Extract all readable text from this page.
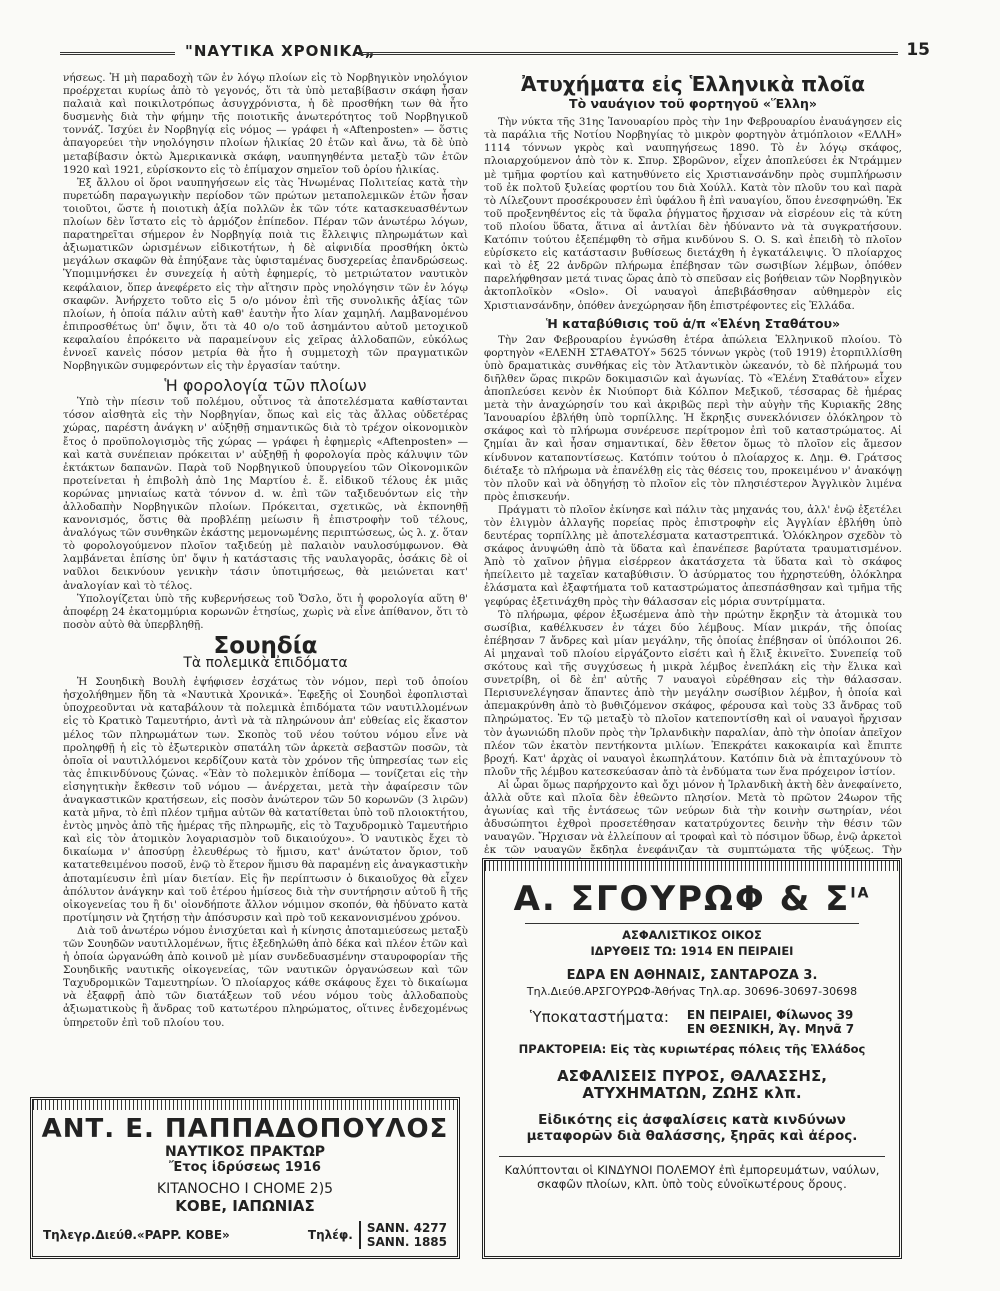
"ΝΑΥΤΙΚΑ ΧΡΟΝΙΚΑ„	15

νήσεως. Ἡ μὴ παραδοχὴ τῶν ἐν λόγῳ πλοίων εἰς τὸ Νορβηγικὸν νηολόγιον προέρχεται κυρίως ἀπὸ τὸ γεγονός, ὅτι τὰ ὑπὸ μεταβίβασιν σκάφη ἦσαν παλαιὰ καὶ ποικιλοτρόπως ἀσυγχρόνιστα, ἡ δὲ προσθήκη των θὰ ἦτο δυσμενὴς διὰ τὴν φήμην τῆς ποιοτικῆς ἀνωτερότητος τοῦ Νορβηγικοῦ τοννάζ. Ἰσχύει ἐν Νορβηγίᾳ εἰς νόμος — γράφει ἡ «Aftenposten» — ὅστις ἀπαγορεύει τὴν νηολόγησιν πλοίων ἡλικίας 20 ἐτῶν καὶ ἄνω, τὰ δὲ ὑπὸ μεταβίβασιν ὀκτὼ Ἀμερικανικὰ σκάφη, ναυπηγηθέντα μεταξὺ τῶν ἐτῶν 1920 καὶ 1921, εὑρίσκοντο εἰς τὸ ἐπίμαχον σημεῖον τοῦ ὁρίου ἡλικίας.

Ἐξ ἄλλου οἱ ὅροι ναυπηγήσεων εἰς τὰς Ἡνωμένας Πολιτείας κατὰ τὴν πυρετώδη παραγωγικὴν περίοδον τῶν πρώτων μεταπολεμικῶν ἐτῶν ἦσαν τοιοῦτοι, ὥστε ἡ ποιοτικὴ ἀξία πολλῶν ἐκ τῶν τότε κατασκευασθέντων πλοίων δὲν ἵστατο εἰς τὸ ἁρμόζον ἐπίπεδον. Πέραν τῶν ἀνωτέρω λόγων, παρατηρεῖται σήμερον ἐν Νορβηγίᾳ ποιὰ τις ἔλλειψις πληρωμάτων καὶ ἀξιωματικῶν ὡρισμένων εἰδικοτήτων, ἡ δὲ αἰφνιδία προσθήκη ὀκτὼ μεγάλων σκαφῶν θὰ ἐπηύξανε τὰς ὑφισταμένας δυσχερείας ἐπανδρώσεως. Ὑπομιμνήσκει ἐν συνεχείᾳ ἡ αὐτὴ ἐφημερίς, τὸ μετριώτατον ναυτικὸν κεφάλαιον, ὅπερ ἀνεφέρετο εἰς τὴν αἴτησιν πρὸς νηολόγησιν τῶν ἐν λόγῳ σκαφῶν. Ἀνήρχετο τοῦτο εἰς 5 ο/ο μόνον ἐπὶ τῆς συνολικῆς ἀξίας τῶν πλοίων, ἡ ὁποία πάλιν αὐτὴ καθ' ἑαυτὴν ἦτο λίαν χαμηλή. Λαμβανομένου ἐπιπροσθέτως ὑπ' ὄψιν, ὅτι τὰ 40 ο/ο τοῦ ἀσημάντου αὐτοῦ μετοχικοῦ κεφαλαίου ἐπρόκειτο νὰ παραμείνουν εἰς χεῖρας ἀλλοδαπῶν, εὐκόλως ἐννοεῖ κανεὶς πόσον μετρία θὰ ἦτο ἡ συμμετοχὴ τῶν πραγματικῶν Νορβηγικῶν συμφερόντων εἰς τὴν ἐργασίαν ταύτην.

Ἡ φορολογία τῶν πλοίων

Ὑπὸ τὴν πίεσιν τοῦ πολέμου, οὗτινος τὰ ἀποτελέσματα καθίστανται τόσον αἰσθητὰ εἰς τὴν Νορβηγίαν, ὅπως καὶ εἰς τὰς ἄλλας οὐδετέρας χώρας, παρέστη ἀνάγκη ν' αὐξηθῇ σημαντικῶς διὰ τὸ τρέχον οἰκονομικὸν ἔτος ὁ προϋπολογισμὸς τῆς χώρας — γράφει ἡ ἐφημερὶς «Aftenposten» — καὶ κατὰ συνέπειαν πρόκειται ν' αὐξηθῇ ἡ φορολογία πρὸς κάλυψιν τῶν ἐκτάκτων δαπανῶν. Παρὰ τοῦ Νορβηγικοῦ ὑπουργείου τῶν Οἰκονομικῶν προτείνεται ἡ ἐπιβολὴ ἀπὸ 1ης Μαρτίου ἐ. ἔ. εἰδικοῦ τέλους ἐκ μιᾶς κορώνας μηνιαίως κατὰ τόννον d. w. ἐπὶ τῶν ταξιδευόντων εἰς τὴν ἀλλοδαπὴν Νορβηγικῶν πλοίων. Πρόκειται, σχετικῶς, νὰ ἐκπονηθῇ κανονισμός, ὅστις θὰ προβλέπῃ μείωσιν ἢ ἐπιστροφὴν τοῦ τέλους, ἀναλόγως τῶν συνθηκῶν ἑκάστης μεμονωμένης περιπτώσεως, ὡς λ. χ. ὅταν τὸ φορολογούμενον πλοῖον ταξιδεύῃ μὲ παλαιὸν ναυλοσύμφωνον. Θὰ λαμβάνεται ἐπίσης ὑπ' ὄψιν ἡ κατάστασις τῆς ναυλαγορᾶς, ὁσάκις δὲ οἱ ναῦλοι δεικνύουν γενικὴν τάσιν ὑποτιμήσεως, θὰ μειώνεται κατ' ἀναλογίαν καὶ τὸ τέλος.

Ὑπολογίζεται ὑπὸ τῆς κυβερνήσεως τοῦ Ὄσλο, ὅτι ἡ φορολογία αὕτη θ' ἀποφέρῃ 24 ἑκατομμύρια κορωνῶν ἐτησίως, χωρὶς νὰ εἶνε ἀπίθανον, ὅτι τὸ ποσὸν αὐτὸ θὰ ὑπερβληθῇ.

Σουηδία
Τὰ πολεμικὰ ἐπιδόματα

Ἡ Σουηδικὴ Βουλὴ ἐψήφισεν ἐσχάτως τὸν νόμον, περὶ τοῦ ὁποίου ἠσχολήθημεν ἤδη τὰ «Ναυτικὰ Χρονικά». Ἐφεξῆς οἱ Σουηδοὶ ἐφοπλισταὶ ὑποχρεοῦνται νὰ καταβάλουν τὰ πολεμικὰ ἐπιδόματα τῶν ναυτιλλομένων εἰς τὸ Κρατικὸ Ταμευτήριο, ἀντὶ νὰ τὰ πληρώνουν ἀπ' εὐθείας εἰς ἕκαστον μέλος τῶν πληρωμάτων των. Σκοπὸς τοῦ νέου τούτου νόμου εἶνε νὰ προληφθῇ ἡ εἰς τὸ ἐξωτερικὸν σπατάλη τῶν ἀρκετὰ σεβαστῶν ποσῶν, τὰ ὁποῖα οἱ ναυτιλλόμενοι κερδίζουν κατὰ τὸν χρόνον τῆς ὑπηρεσίας των εἰς τὰς ἐπικινδύνους ζώνας. «Ἐὰν τὸ πολεμικὸν ἐπίδομα — τονίζεται εἰς τὴν εἰσηγητικὴν ἔκθεσιν τοῦ νόμου — ἀνέρχεται, μετὰ τὴν ἀφαίρεσιν τῶν ἀναγκαστικῶν κρατήσεων, εἰς ποσὸν ἀνώτερον τῶν 50 κορωνῶν (3 λιρῶν) κατὰ μῆνα, τὸ ἐπὶ πλέον τμῆμα αὐτῶν θὰ κατατίθεται ὑπὸ τοῦ πλοιοκτήτου, ἐντὸς μηνὸς ἀπὸ τῆς ἡμέρας τῆς πληρωμῆς, εἰς τὸ Ταχυδρομικὸ Ταμευτήριο καὶ εἰς τὸν ἀτομικὸν λογαριασμὸν τοῦ δικαιούχου». Ὁ ναυτικὸς ἔχει τὸ δικαίωμα ν' ἀποσύρῃ ἐλευθέρως τὸ ἥμισυ, κατ' ἀνώτατον ὅριον, τοῦ κατατεθειμένου ποσοῦ, ἐνῷ τὸ ἕτερον ἥμισυ θὰ παραμένῃ εἰς ἀναγκαστικὴν ἀποταμίευσιν ἐπὶ μίαν διετίαν. Εἰς ἣν περίπτωσιν ὁ δικαιοῦχος θὰ εἶχεν ἀπόλυτον ἀνάγκην καὶ τοῦ ἑτέρου ἡμίσεος διὰ τὴν συντήρησιν αὐτοῦ ἢ τῆς οἰκογενείας του ἢ δι' οἱονδήποτε ἄλλον νόμιμον σκοπόν, θὰ ἠδύνατο κατὰ προτίμησιν νὰ ζητήσῃ τὴν ἀπόσυρσιν καὶ πρὸ τοῦ κεκανονισμένου χρόνου.

Διὰ τοῦ ἀνωτέρω νόμου ἐνισχύεται καὶ ἡ κίνησις ἀποταμιεύσεως μεταξὺ τῶν Σουηδῶν ναυτιλλομένων, ἥτις ἐξεδηλώθη ἀπὸ δέκα καὶ πλέον ἐτῶν καὶ ἡ ὁποία ὠργανώθη ἀπὸ κοινοῦ μὲ μίαν συνδεδυασμένην σταυροφορίαν τῆς Σουηδικῆς ναυτικῆς οἰκογενείας, τῶν ναυτικῶν ὀργανώσεων καὶ τῶν Ταχυδρομικῶν Ταμευτηρίων. Ὁ πλοίαρχος κάθε σκάφους ἔχει τὸ δικαίωμα νὰ ἐξαφρῇ ἀπὸ τῶν διατάξεων τοῦ νέου νόμου τοὺς ἀλλοδαποὺς ἀξιωματικοὺς ἢ ἄνδρας τοῦ κατωτέρου πληρώματος, οἵτινες ἐνδεχομένως ὑπηρετοῦν ἐπὶ τοῦ πλοίου του.

Ἀτυχήματα εἰς Ἑλληνικὰ πλοῖα
Τὸ ναυάγιον τοῦ φορτηγοῦ «Ἕλλη»

Τὴν νύκτα τῆς 31ης Ἰανουαρίου πρὸς τὴν 1ην Φεβρουαρίου ἐναυάγησεν εἰς τὰ παράλια τῆς Νοτίου Νορβηγίας τὸ μικρὸν φορτηγὸν ἀτμόπλοιον «ΕΛΛΗ» 1114 τόννων γκρὸς καὶ ναυπηγήσεως 1890. Τὸ ἐν λόγῳ σκάφος, πλοιαρχούμενον ἀπὸ τὸν κ. Σπυρ. Σβορῶνον, εἶχεν ἀποπλεύσει ἐκ Ντράμμεν μὲ τμῆμα φορτίου καὶ κατηυθύνετο εἰς Χριστιανσάνδην πρὸς συμπλήρωσιν τοῦ ἐκ πολτοῦ ξυλείας φορτίου του διὰ Χούλλ. Κατὰ τὸν πλοῦν του καὶ παρὰ τὸ Λίλεζουντ προσέκρουσεν ἐπὶ ὑφάλου ἢ ἐπὶ ναυαγίου, ὅπου ἐνεσφηνώθη. Ἐκ τοῦ προξενηθέντος εἰς τὰ ὕφαλα ῥήγματος ἤρχισαν νὰ εἰσρέουν εἰς τὰ κύτη τοῦ πλοίου ὕδατα, ἅτινα αἱ ἀντλίαι δὲν ἠδύναντο νὰ τὰ συγκρατήσουν. Κατόπιν τούτου ἐξεπέμφθη τὸ σῆμα κινδύνου S. O. S. καὶ ἐπειδὴ τὸ πλοῖον εὑρίσκετο εἰς κατάστασιν βυθίσεως διετάχθη ἡ ἐγκατάλειψις. Ὁ πλοίαρχος καὶ τὸ ἐξ 22 ἀνδρῶν πλήρωμα ἐπέβησαν τῶν σωσιβίων λέμβων, ὁπόθεν παρελήφθησαν μετά τινας ὥρας ἀπὸ τὸ σπεῦσαν εἰς βοήθειαν τῶν Νορβηγικὸν ἀκτοπλοϊκὸν «Oslo». Οἱ ναυαγοὶ ἀπεβιβάσθησαν αὐθημερὸν εἰς Χριστιανσάνδην, ὁπόθεν ἀνεχώρησαν ἤδη ἐπιστρέφοντες εἰς Ἑλλάδα.

Ἡ καταβύθισις τοῦ ἀ/π «Ἑλένη Σταθάτου»

Τὴν 2αν Φεβρουαρίου ἐγνώσθη ἑτέρα ἀπώλεια Ἑλληνικοῦ πλοίου. Τὸ φορτηγὸν «ΕΛΕΝΗ ΣΤΑΘΑΤΟΥ» 5625 τόννων γκρὸς (τοῦ 1919) ἐτορπιλλίσθη ὑπὸ δραματικὰς συνθήκας εἰς τὸν Ἀτλαντικὸν ὠκεανόν, τὸ δὲ πλήρωμά του διῆλθεν ὥρας πικρῶν δοκιμασιῶν καὶ ἀγωνίας. Τὸ «Ἑλένη Σταθάτου» εἶχεν ἀποπλεύσει κενὸν ἐκ Νιούπορτ διὰ Κόλπον Μεξικοῦ, τέσσαρας δὲ ἡμέρας μετὰ τὴν ἀναχώρησίν του καὶ ἀκριβῶς περὶ τὴν αὐγὴν τῆς Κυριακῆς 28ης Ἰανουαρίου ἐβλήθη ὑπὸ τορπίλλης. Ἡ ἔκρηξις συνεκλόνισεν ὁλόκληρον τὸ σκάφος καὶ τὸ πλήρωμα συνέρευσε περίτρομον ἐπὶ τοῦ καταστρώματος. Αἱ ζημίαι ἂν καὶ ἦσαν σημαντικαί, δὲν ἔθετον ὅμως τὸ πλοῖον εἰς ἄμεσον κίνδυνον καταποντίσεως. Κατόπιν τούτου ὁ πλοίαρχος κ. Δημ. Θ. Γράτσος διέταξε τὸ πλήρωμα νὰ ἐπανέλθῃ εἰς τὰς θέσεις του, προκειμένου ν' ἀνακόψῃ τὸν πλοῦν καὶ νὰ ὁδηγήσῃ τὸ πλοῖον εἰς τὸν πλησιέστερον Ἀγγλικὸν λιμένα πρὸς ἐπισκευήν.

Πράγματι τὸ πλοῖον ἐκίνησε καὶ πάλιν τὰς μηχανάς του, ἀλλ' ἐνῷ ἐξετέλει τὸν ἑλιγμὸν ἀλλαγῆς πορείας πρὸς ἐπιστροφὴν εἰς Ἀγγλίαν ἐβλήθη ὑπὸ δευτέρας τορπίλλης μὲ ἀποτελέσματα καταστρεπτικά. Ὁλόκληρον σχεδὸν τὸ σκάφος ἀνυψώθη ἀπὸ τὰ ὕδατα καὶ ἐπανέπεσε βαρύτατα τραυματισμένον. Ἀπὸ τὸ χαῖνον ῥῆγμα εἰσέρρεον ἀκατάσχετα τὰ ὕδατα καὶ τὸ σκάφος ἠπείλειτο μὲ ταχεῖαν καταβύθισιν. Ὁ ἀσύρματος του ἠχρηστεύθη, ὁλόκληρα ἐλάσματα καὶ ἐξαφτήματα τοῦ καταστρώματος ἀπεσπάσθησαν καὶ τμῆμα τῆς γεφύρας ἐξετινάχθη πρὸς τὴν θάλασσαν εἰς μόρια συντρίμματα.

Τὸ πλήρωμα, φέρον ἐξωσέμενα ἀπὸ τὴν πρώτην ἔκρηξιν τὰ ἀτομικὰ του σωσίβια, καθέλκυσεν ἐν τάχει δύο λέμβους. Μίαν μικράν, τῆς ὁποίας ἐπέβησαν 7 ἄνδρες καὶ μίαν μεγάλην, τῆς ὁποίας ἐπέβησαν οἱ ὑπόλοιποι 26. Αἱ μηχαναὶ τοῦ πλοίου εἰργάζοντο εἰσέτι καὶ ἡ ἕλιξ ἐκινεῖτο. Συνεπείᾳ τοῦ σκότους καὶ τῆς συγχύσεως ἡ μικρὰ λέμβος ἐνεπλάκη εἰς τὴν ἕλικα καὶ συνετρίβη, οἱ δὲ ἐπ' αὐτῆς 7 ναυαγοὶ εὑρέθησαν εἰς τὴν θάλασσαν. Περισυνελέγησαν ἅπαντες ἀπὸ τὴν μεγάλην σωσίβιον λέμβον, ἡ ὁποία καὶ ἀπεμακρύνθη ἀπὸ τὸ βυθιζόμενον σκάφος, φέρουσα καὶ τοὺς 33 ἄνδρας τοῦ πληρώματος. Ἐν τῷ μεταξὺ τὸ πλοῖον κατεποντίσθη καὶ οἱ ναυαγοὶ ἤρχισαν τὸν ἀγωνιώδη πλοῦν πρὸς τὴν Ἰρλανδικὴν παραλίαν, ἀπὸ τὴν ὁποίαν ἀπεῖχον πλέον τῶν ἑκατὸν πεντήκοντα μιλίων. Ἐπεκράτει κακοκαιρία καὶ ἔπιπτε βροχή. Κατ' ἀρχὰς οἱ ναυαγοὶ ἐκωπηλάτουν. Κατόπιν διὰ νὰ ἐπιταχύνουν τὸ πλοῦν τῆς λέμβου κατεσκεύασαν ἀπὸ τὰ ἐνδύματα των ἕνα πρόχειρον ἱστίον.

Αἱ ὧραι ὅμως παρήρχοντο καὶ ὄχι μόνον ἡ Ἰρλανδικὴ ἀκτὴ δὲν ἀνεφαίνετο, ἀλλὰ οὔτε καὶ πλοῖα δὲν ἐθεῶντο πλησίον. Μετὰ τὸ πρῶτον 24ωρον τῆς ἀγωνίας καὶ τῆς ἐντάσεως τῶν νεύρων διὰ τὴν κοινὴν σωτηρίαν, νέοι ἀδυσώπητοι ἐχθροὶ προσετέθησαν κατατρύχοντες δεινὴν τὴν θέσιν τῶν ναυαγῶν. Ἤρχισαν νὰ ἐλλείπουν αἱ τροφαὶ καὶ τὸ πόσιμον ὕδωρ, ἐνῷ ἀρκετοὶ ἐκ τῶν ναυαγῶν ἔκδηλα ἐνεφάνιζαν τὰ συμπτώματα τῆς ψύξεως. Τὴν

ΑΝΤ. Ε. ΠΑΠΠΑΔΟΠΟΥΛΟΣ
ΝΑΥΤΙΚΟΣ ΠΡΑΚΤΩΡ
Ἔτος ἱδρύσεως 1916
KITANOCHO I CHOME 2)5
ΚΟΒΕ, ΙΑΠΩΝΙΑΣ
Τηλεγρ.Διεύθ.«PAPP. KOBE»	Τηλέφ. SANN. 4277
SANN. 1885
Α. ΣΓΟΥΡΩΦ & $\Sigma^{IA}$
ΑΣΦΑΛΙΣΤΙΚΟΣ ΟΙΚΟΣ
ΙΔΡΥΘΕΙΣ ΤΩ: 1914 ΕΝ ΠΕΙΡΑΙΕΙ
ΕΔΡΑ ΕΝ ΑΘΗΝΑΙΣ, ΣΑΝΤΑΡΟΖΑ 3.
Τηλ.Διεύθ.ΑΡΣΓΟΥΡΩΦ-Ἀθήνας Τηλ.αρ. 30696-30697-30698
Ὑποκαταστήματα: ΕΝ ΠΕΙΡΑΙΕΙ, Φίλωνος 39
ΕΝ ΘΕΣΝΙΚΗ, Ἀγ. Μηνᾶ 7
ΠΡΑΚΤΟΡΕΙΑ: Εἰς τὰς κυριωτέρας πόλεις τῆς Ἑλλάδος
ΑΣΦΑΛΙΣΕΙΣ ΠΥΡΟΣ, ΘΑΛΑΣΣΗΣ,
ΑΤΥΧΗΜΑΤΩΝ, ΖΩΗΣ κλπ.
Εἰδικότης εἰς ἀσφαλίσεις κατὰ κινδύνων
μεταφορῶν διὰ θαλάσσης, ξηρᾶς καὶ ἀέρος.
Καλύπτονται οἱ ΚΙΝΔΥΝΟΙ ΠΟΛΕΜΟΥ ἐπὶ ἐμπορευμάτων, ναύλων, σκαφῶν πλοίων, κλπ. ὑπὸ τοὺς εὐνοϊκωτέρους ὅρους.
